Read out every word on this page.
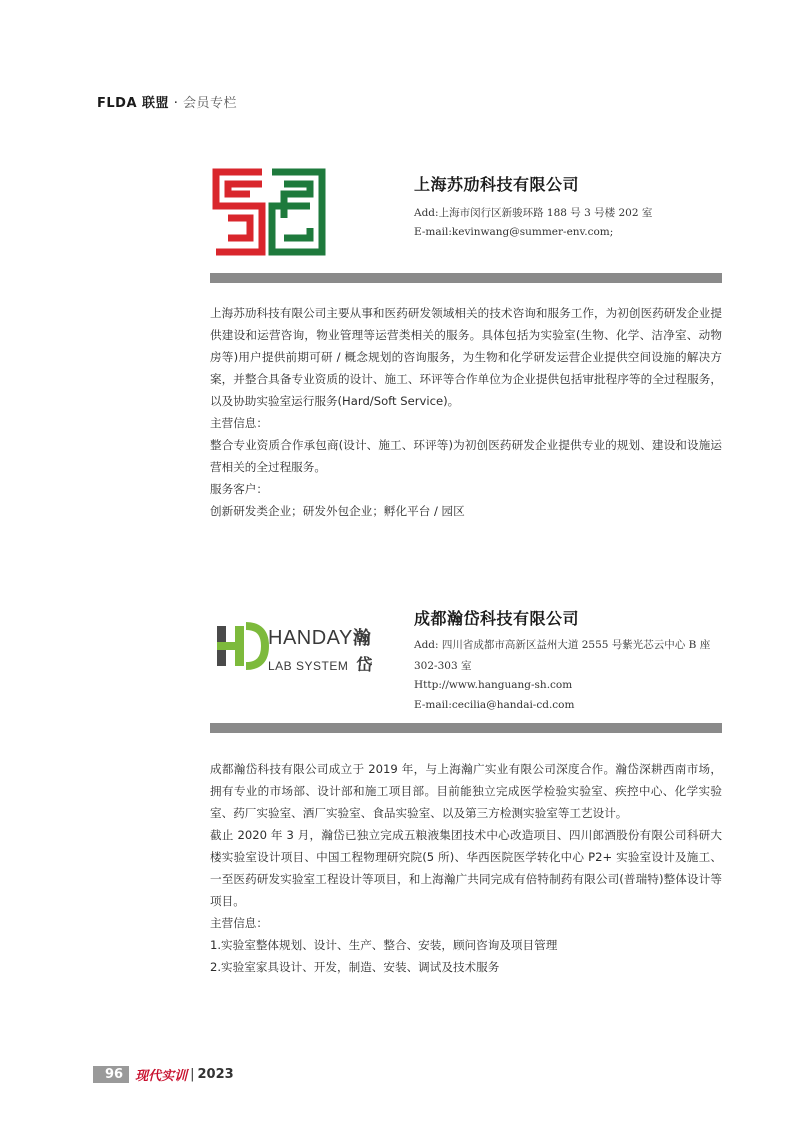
FLDA 联盟 · 会员专栏
上海苏劢科技有限公司
Add:上海市闵行区新骏环路 188 号 3 号楼 202 室
E-mail:kevinwang@summer-env.com;

上海苏劢科技有限公司主要从事和医药研发领域相关的技术咨询和服务工作，为初创医药研发企业提供建设和运营咨询，物业管理等运营类相关的服务。具体包括为实验室(生物、化学、洁净室、动物房等)用户提供前期可研 / 概念规划的咨询服务，为生物和化学研发运营企业提供空间设施的解决方案，并整合具备专业资质的设计、施工、环评等合作单位为企业提供包括审批程序等的全过程服务，以及协助实验室运行服务(Hard/Soft Service)。

主营信息：

整合专业资质合作承包商(设计、施工、环评等)为初创医药研发企业提供专业的规划、建设和设施运营相关的全过程服务。

服务客户：

创新研发类企业；研发外包企业；孵化平台 / 园区

HANDAY瀚
LAB SYSTEM 岱
成都瀚岱科技有限公司
Add: 四川省成都市高新区益州大道 2555 号紫光芯云中心 B 座
302-303 室
Http://www.hanguang-sh.com
E-mail:cecilia@handai-cd.com

成都瀚岱科技有限公司成立于 2019 年，与上海瀚广实业有限公司深度合作。瀚岱深耕西南市场，拥有专业的市场部、设计部和施工项目部。目前能独立完成医学检验实验室、疾控中心、化学实验室、药厂实验室、酒厂实验室、食品实验室、以及第三方检测实验室等工艺设计。

截止 2020 年 3 月，瀚岱已独立完成五粮液集团技术中心改造项目、四川郎酒股份有限公司科研大楼实验室设计项目、中国工程物理研究院(5 所)、华西医院医学转化中心 P2+ 实验室设计及施工、一至医药研发实验室工程设计等项目，和上海瀚广共同完成有倍特制药有限公司(普瑞特)整体设计等项目。

主营信息：

1.实验室整体规划、设计、生产、整合、安装，顾问咨询及项目管理

2.实验室家具设计、开发，制造、安装、调试及技术服务

96 现代实训 | 2023
